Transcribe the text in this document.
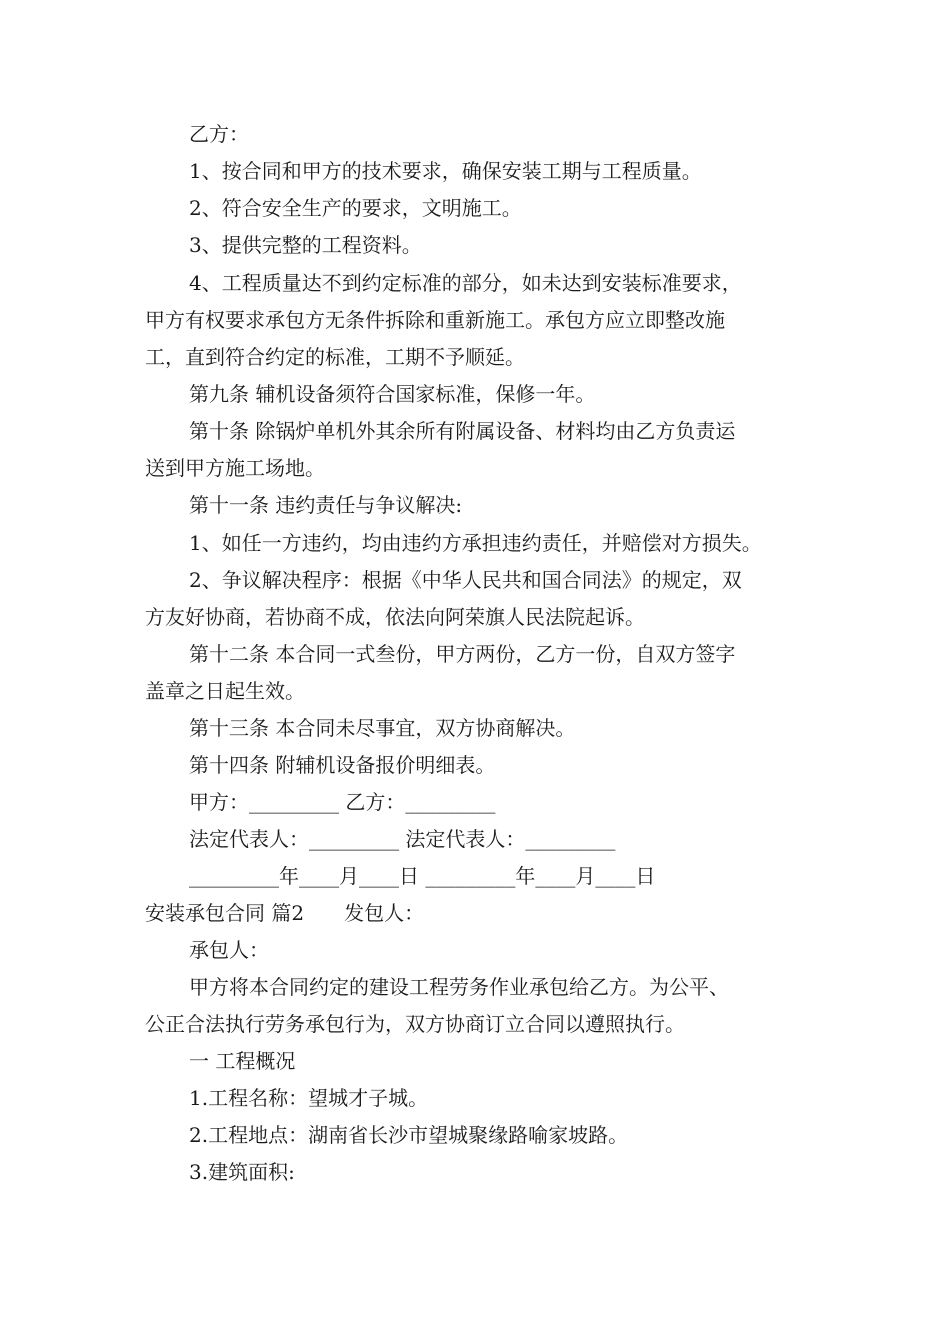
乙方：
1、按合同和甲方的技术要求，确保安装工期与工程质量。
2、符合安全生产的要求，文明施工。
3、提供完整的工程资料。
4、工程质量达不到约定标准的部分，如未达到安装标准要求，
甲方有权要求承包方无条件拆除和重新施工。承包方应立即整改施
工，直到符合约定的标准，工期不予顺延。
第九条 辅机设备须符合国家标准，保修一年。
第十条 除锅炉单机外其余所有附属设备、材料均由乙方负责运
送到甲方施工场地。
第十一条 违约责任与争议解决:
1、如任一方违约，均由违约方承担违约责任，并赔偿对方损失。
2、争议解决程序：根据《中华人民共和国合同法》的规定，双
方友好协商，若协商不成，依法向阿荣旗人民法院起诉。
第十二条 本合同一式叁份，甲方两份，乙方一份，自双方签字
盖章之日起生效。
第十三条 本合同未尽事宜，双方协商解决。
第十四条 附辅机设备报价明细表。
甲方：_________ 乙方：_________
法定代表人：_________ 法定代表人：_________
_________年____月____日 _________年____月____日
安装承包合同 篇2 发包人：
承包人：
甲方将本合同约定的建设工程劳务作业承包给乙方。为公平、
公正合法执行劳务承包行为，双方协商订立合同以遵照执行。
一 工程概况
1.工程名称：望城才子城。
2.工程地点：湖南省长沙市望城聚缘路喻家坡路。
3.建筑面积:
